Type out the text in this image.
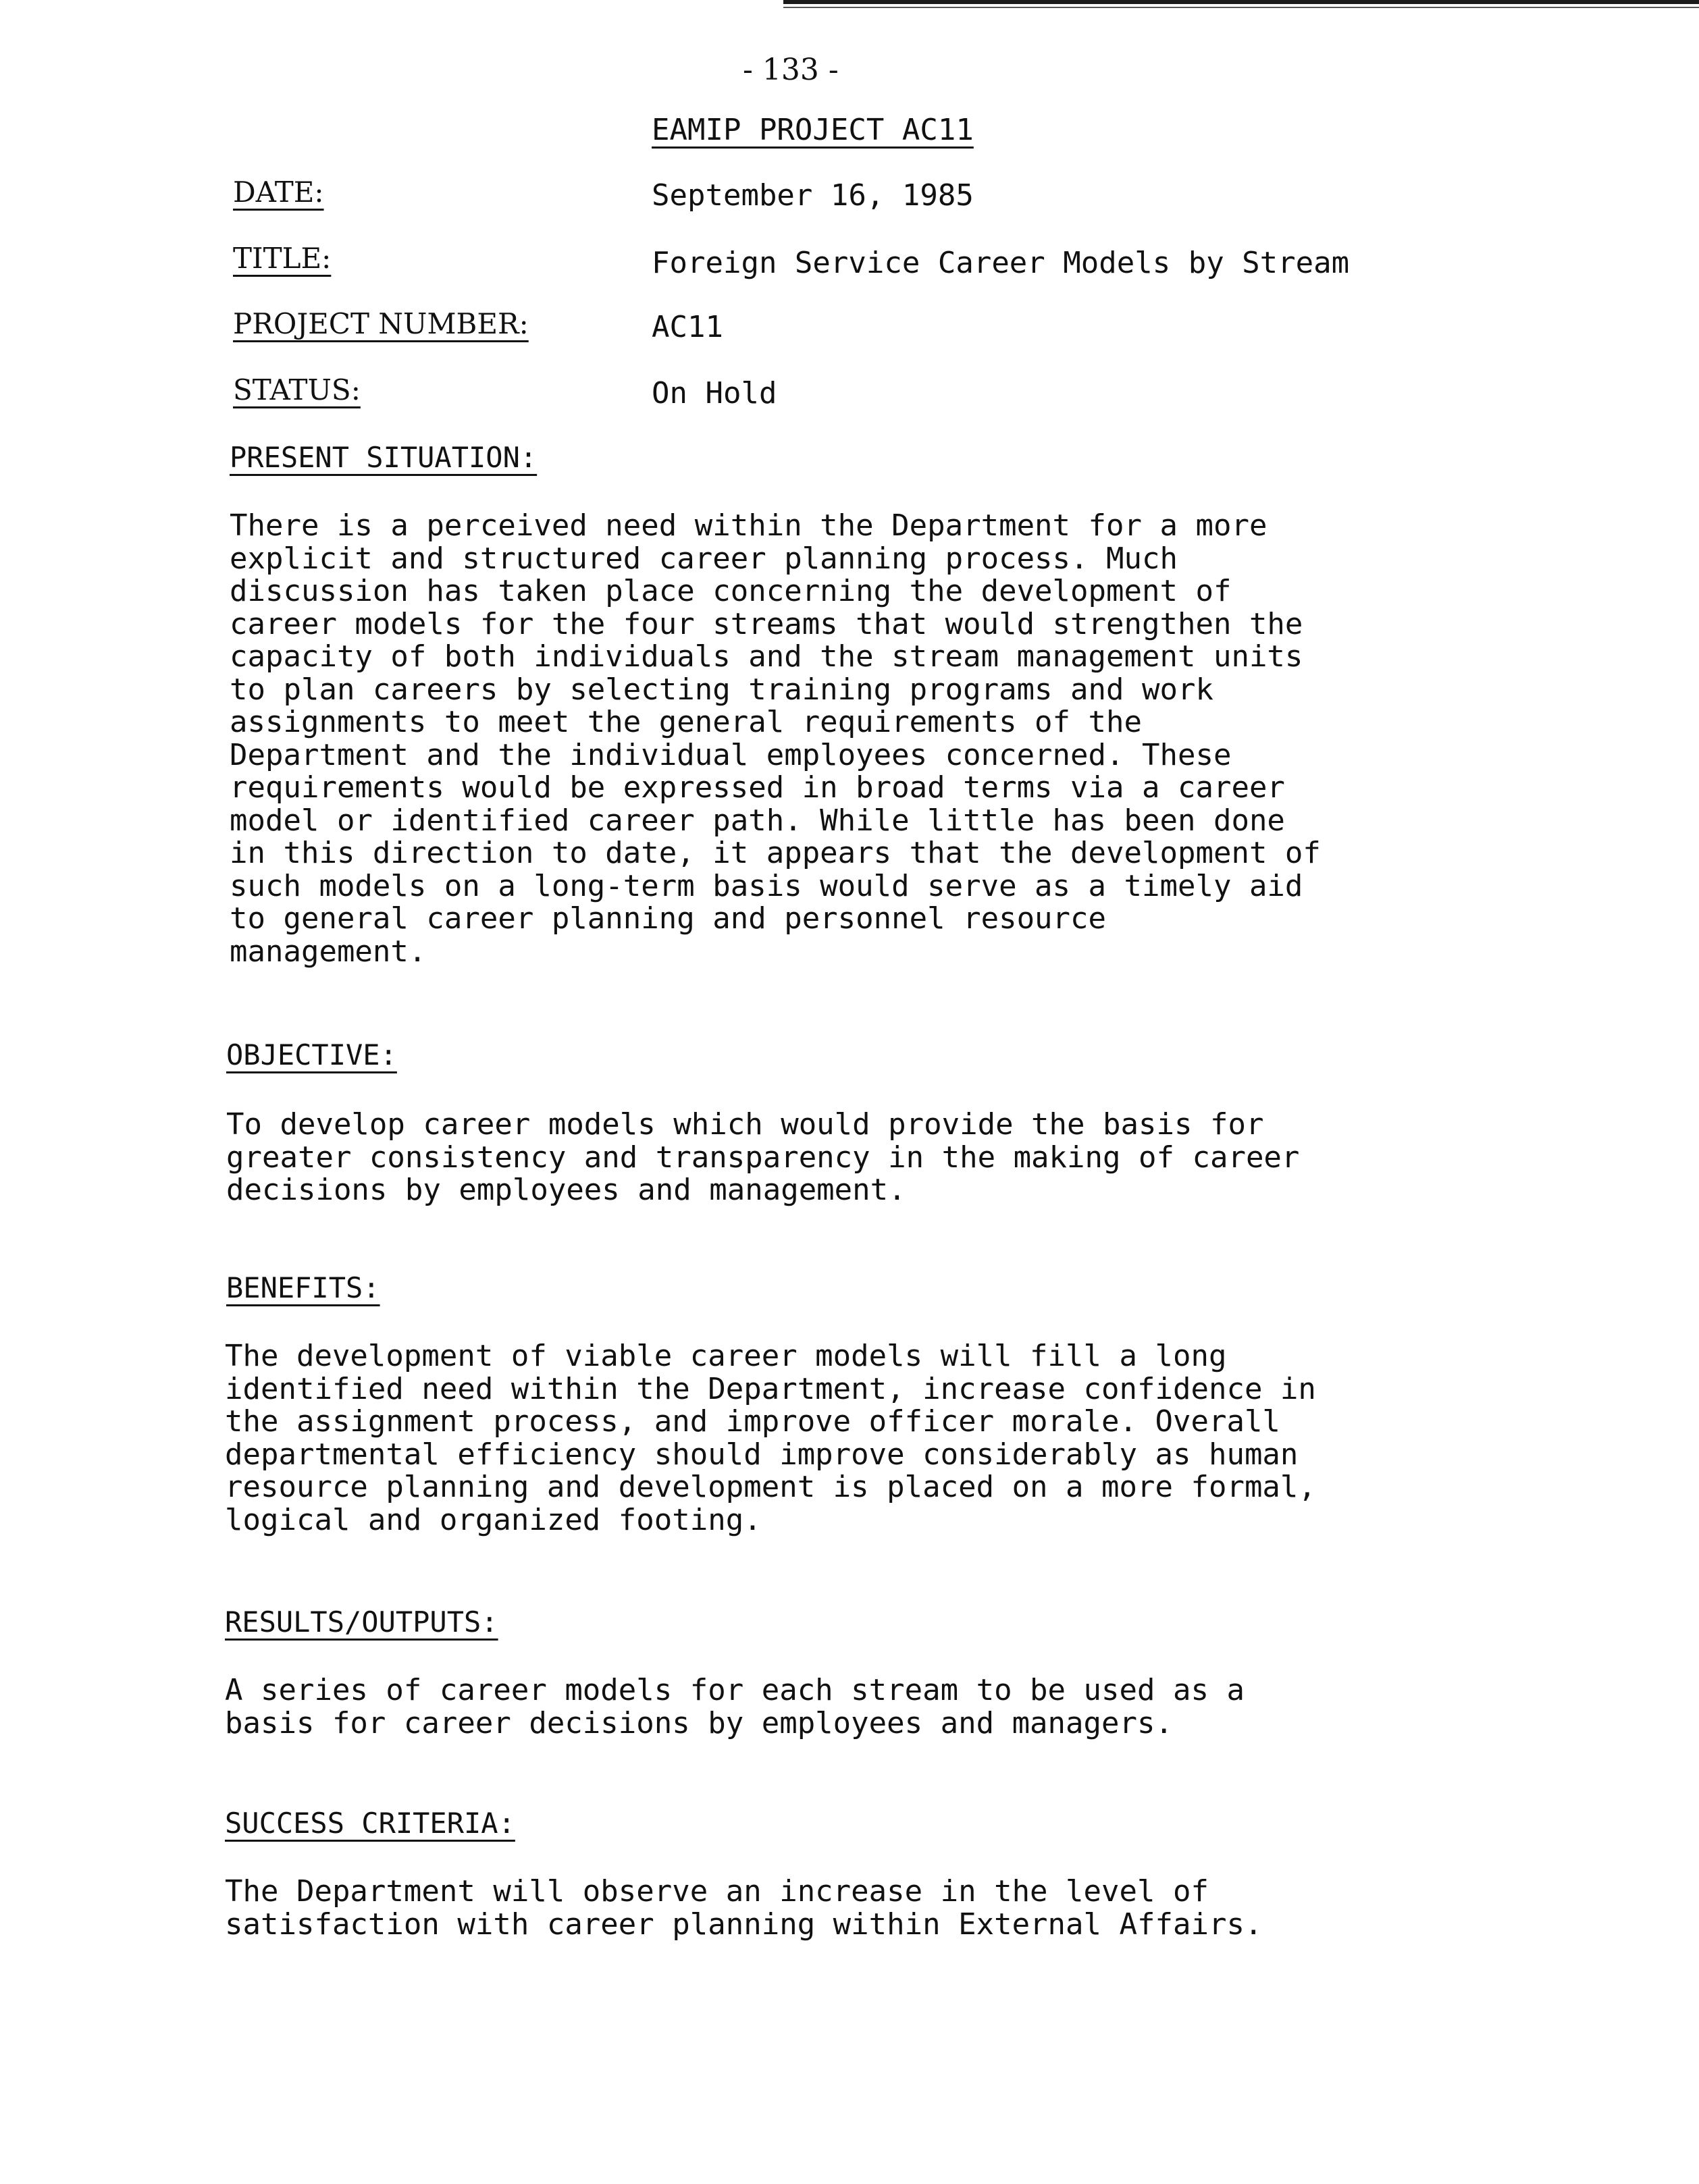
- 133 -
EAMIP PROJECT AC11
DATE:	September 16, 1985
TITLE:	Foreign Service Career Models by Stream
PROJECT NUMBER:	AC11
STATUS:	On Hold
PRESENT SITUATION:
There is a perceived need within the Department for a more
explicit and structured career planning process. Much
discussion has taken place concerning the development of
career models for the four streams that would strengthen the
capacity of both individuals and the stream management units
to plan careers by selecting training programs and work
assignments to meet the general requirements of the
Department and the individual employees concerned. These
requirements would be expressed in broad terms via a career
model or identified career path. While little has been done
in this direction to date, it appears that the development of
such models on a long-term basis would serve as a timely aid
to general career planning and personnel resource
management.
OBJECTIVE:
To develop career models which would provide the basis for
greater consistency and transparency in the making of career
decisions by employees and management.
BENEFITS:
The development of viable career models will fill a long
identified need within the Department, increase confidence in
the assignment process, and improve officer morale. Overall
departmental efficiency should improve considerably as human
resource planning and development is placed on a more formal,
logical and organized footing.
RESULTS/OUTPUTS:
A series of career models for each stream to be used as a
basis for career decisions by employees and managers.
SUCCESS CRITERIA:
The Department will observe an increase in the level of
satisfaction with career planning within External Affairs.
